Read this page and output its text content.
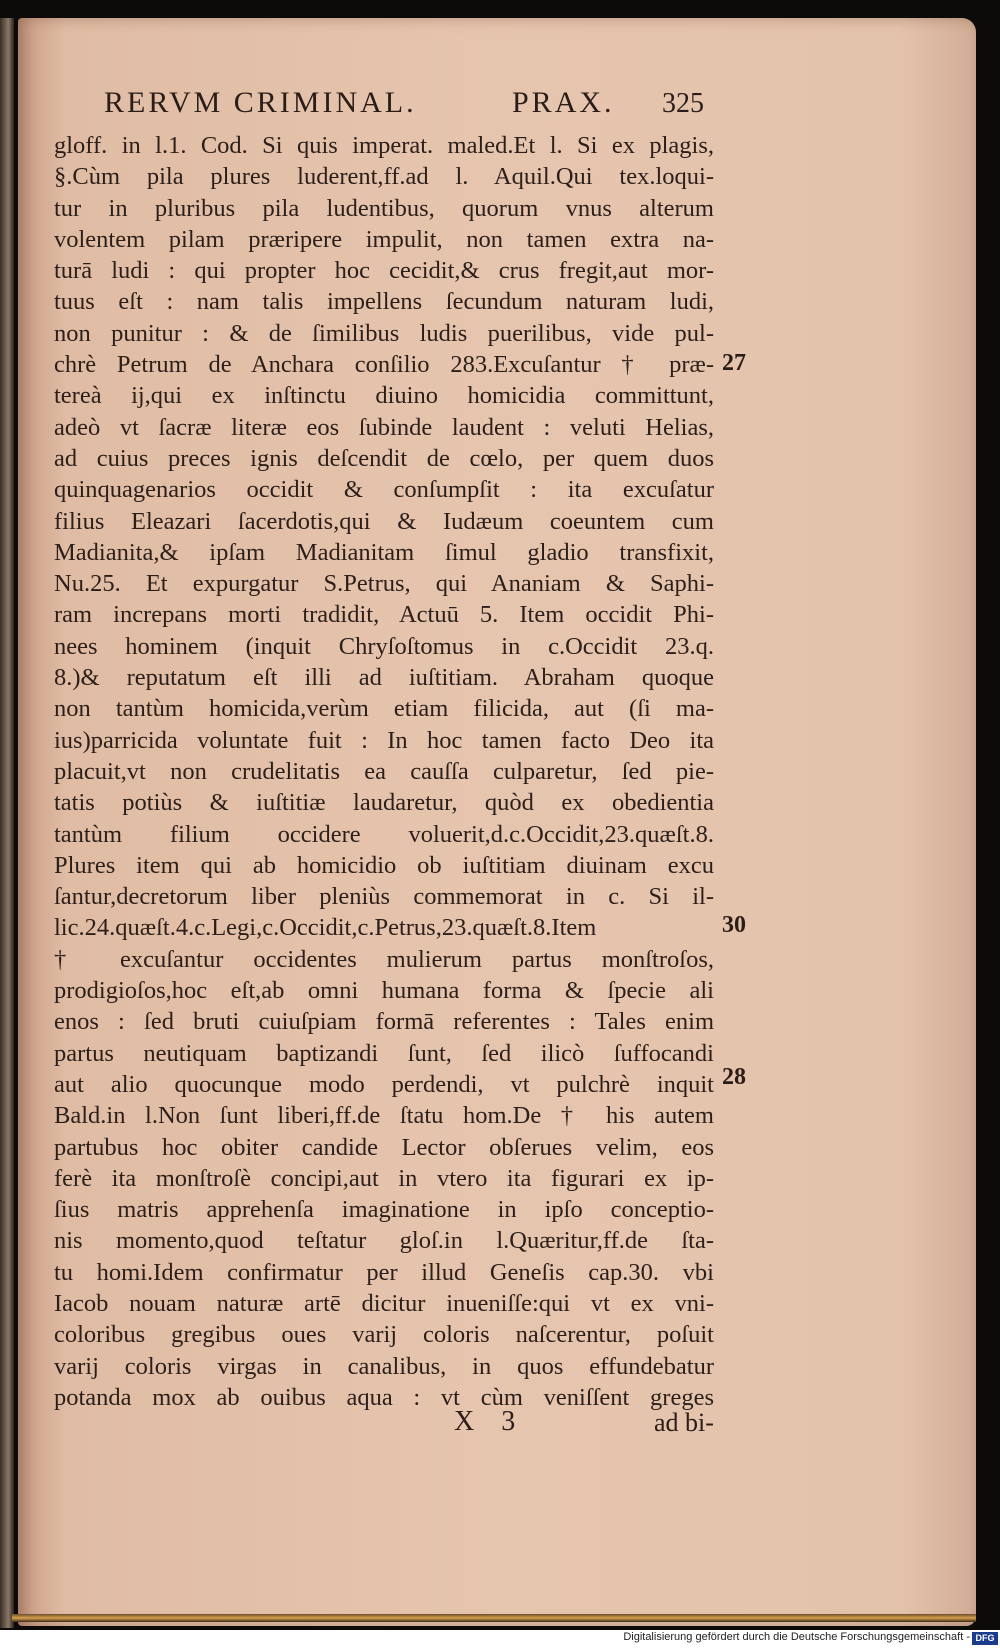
RERVM CRIMINAL.	PRAX. 325
gloff. in l.1. Cod. Si quis imperat. maled.Et l. Si ex plagis,
§.Cùm pila plures luderent,ff.ad l. Aquil.Qui tex.loqui-
tur in pluribus pila ludentibus, quorum vnus alterum
volentem pilam præripere impulit, non tamen extra na-
turā ludi : qui propter hoc cecidit,& crus fregit,aut mor-
tuus eſt : nam talis impellens ſecundum naturam ludi,
non punitur : & de ſimilibus ludis puerilibus, vide pul-
chrè Petrum de Anchara conſilio 283.Excuſantur † præ-
tereà ij,qui ex inſtinctu diuino homicidia committunt,
adeò vt ſacræ literæ eos ſubinde laudent : veluti Helias,
ad cuius preces ignis deſcendit de cœlo, per quem duos
quinquagenarios occidit & conſumpſit : ita excuſatur
filius Eleazari ſacerdotis,qui & Iudæum coeuntem cum
Madianita,& ipſam Madianitam ſimul gladio transfixit,
Nu.25. Et expurgatur S.Petrus, qui Ananiam & Saphi-
ram increpans morti tradidit, Actuū 5. Item occidit Phi-
nees hominem (inquit Chryſoſtomus in c.Occidit 23.q.
8.)& reputatum eſt illi ad iuſtitiam. Abraham quoque
non tantùm homicida,verùm etiam filicida, aut (ſi ma-
ius)parricida voluntate fuit : In hoc tamen facto Deo ita
placuit,vt non crudelitatis ea cauſſa culparetur, ſed pie-
tatis potiùs & iuſtitiæ laudaretur, quòd ex obedientia
tantùm filium occidere voluerit,d.c.Occidit,23.quæſt.8.
Plures item qui ab homicidio ob iuſtitiam diuinam excu
ſantur,decretorum liber pleniùs commemorat in c. Si il-
lic.24.quæſt.4.c.Legi,c.Occidit,c.Petrus,23.quæſt.8.Item
† excuſantur occidentes mulierum partus monſtroſos,
prodigioſos,hoc eſt,ab omni humana forma & ſpecie ali
enos : ſed bruti cuiuſpiam formā referentes : Tales enim
partus neutiquam baptizandi ſunt, ſed ilicò ſuffocandi
aut alio quocunque modo perdendi, vt pulchrè inquit
Bald.in l.Non ſunt liberi,ff.de ſtatu hom.De † his autem
partubus hoc obiter candide Lector obſerues velim, eos
ferè ita monſtroſè concipi,aut in vtero ita figurari ex ip-
ſius matris apprehenſa imaginatione in ipſo conceptio-
nis momento,quod teſtatur gloſ.in l.Quæritur,ff.de ſta-
tu homi.Idem confirmatur per illud Geneſis cap.30. vbi
Iacob nouam naturæ artē dicitur inueniſſe:qui vt ex vni-
coloribus gregibus oues varij coloris naſcerentur, poſuit
varij coloris virgas in canalibus, in quos effundebatur
potanda mox ab ouibus aqua : vt cùm veniſſent greges
27
30
28
X 3	ad bi-
Digitalisierung gefördert durch die Deutsche Forschungsgemeinschaft - DFG
